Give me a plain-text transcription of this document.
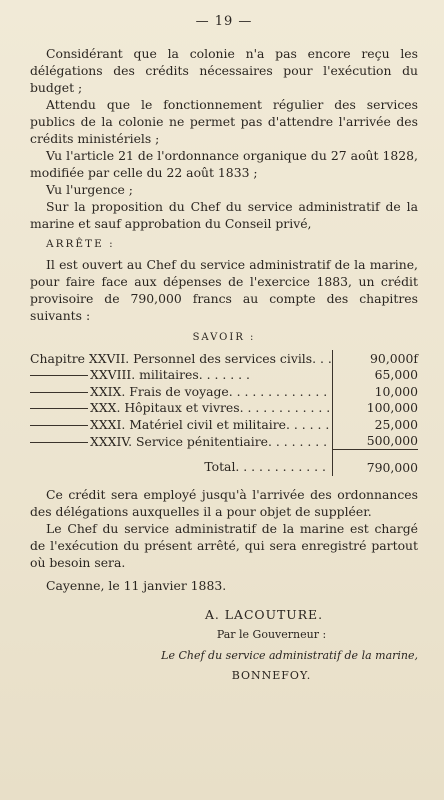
— 19 —

Considérant que la colonie n'a pas encore reçu les délégations des crédits nécessaires pour l'exécution du budget ;

Attendu que le fonctionnement régulier des services publics de la colonie ne permet pas d'attendre l'arrivée des crédits ministériels ;

Vu l'article 21 de l'ordonnance organique du 27 août 1828, modifiée par celle du 22 août 1833 ;

Vu l'urgence ;

Sur la proposition du Chef du service administratif de la marine et sauf approbation du Conseil privé,

ARRÊTE :

Il est ouvert au Chef du service administratif de la marine, pour faire face aux dépenses de l'exercice 1883, un crédit provisoire de 790,000 francs au compte des chapitres suivants :

SAVOIR :
Chapitre XXVII. Personnel des services civils. . .	90,000f
XXVIII. militaires. . . . . . .	65,000
XXIX. Frais de voyage. . . . . . . . . . . . .	10,000
XXX. Hôpitaux et vivres. . . . . . . . . . . .	100,000
XXXI. Matériel civil et militaire. . . . . .	25,000
XXXIV. Service pénitentiaire. . . . . . . .	500,000
Total. . . . . . . . . . . .	790,000

Ce crédit sera employé jusqu'à l'arrivée des ordonnances des délégations auxquelles il a pour objet de suppléer.

Le Chef du service administratif de la marine est chargé de l'exécution du présent arrêté, qui sera enregistré partout où besoin sera.

Cayenne, le 11 janvier 1883.

A. LACOUTURE.
Par le Gouverneur :
Le Chef du service administratif de la marine,
BONNEFOY.
